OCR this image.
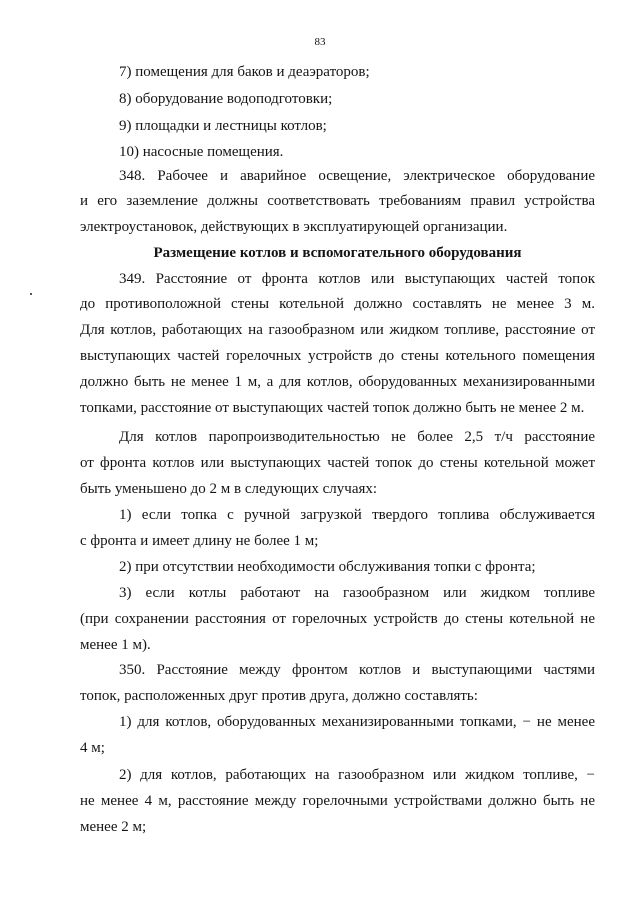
83
7) помещения для баков и деаэраторов;
8) оборудование водоподготовки;
9) площадки и лестницы котлов;
10) насосные помещения.
348. Рабочее и аварийное освещение, электрическое оборудование
и его заземление должны соответствовать требованиям правил устройства
электроустановок, действующих в эксплуатирующей организации.
Размещение котлов и вспомогательного оборудования
349. Расстояние от фронта котлов или выступающих частей топок
до противоположной стены котельной должно составлять не менее 3 м.
Для котлов, работающих на газообразном или жидком топливе, расстояние от
выступающих частей горелочных устройств до стены котельного помещения
должно быть не менее 1 м, а для котлов, оборудованных механизированными
топками, расстояние от выступающих частей топок должно быть не менее 2 м.
Для котлов паропроизводительностью не более 2,5 т/ч расстояние
от фронта котлов или выступающих частей топок до стены котельной может
быть уменьшено до 2 м в следующих случаях:
1) если топка с ручной загрузкой твердого топлива обслуживается
с фронта и имеет длину не более 1 м;
2) при отсутствии необходимости обслуживания топки с фронта;
3) если котлы работают на газообразном или жидком топливе
(при сохранении расстояния от горелочных устройств до стены котельной не
менее 1 м).
350. Расстояние между фронтом котлов и выступающими частями
топок, расположенных друг против друга, должно составлять:
1) для котлов, оборудованных механизированными топками, − не менее
4 м;
2) для котлов, работающих на газообразном или жидком топливе, −
не менее 4 м, расстояние между горелочными устройствами должно быть не
менее 2 м;
